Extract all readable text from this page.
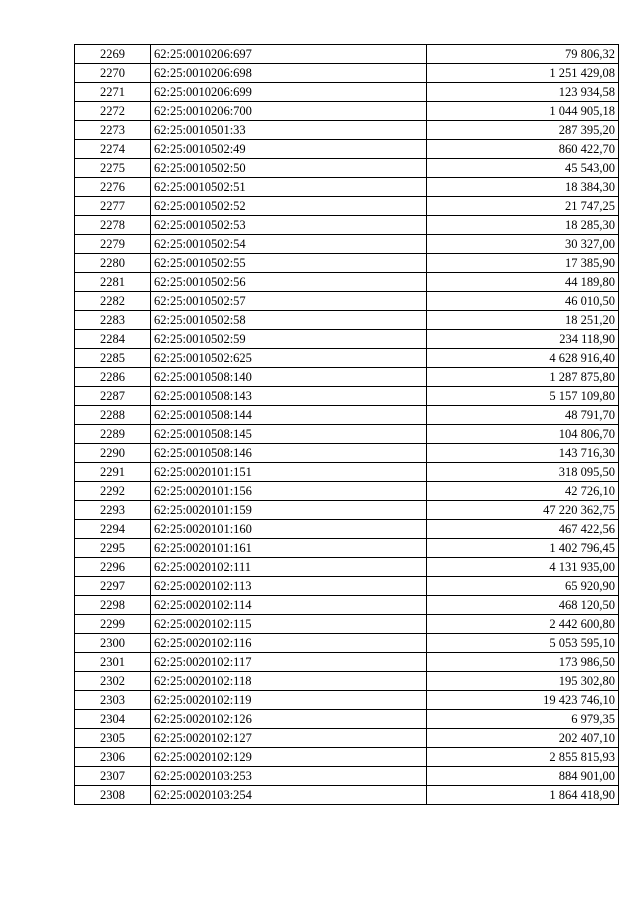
2269	62:25:0010206:697	79 806,32
2270	62:25:0010206:698	1 251 429,08
2271	62:25:0010206:699	123 934,58
2272	62:25:0010206:700	1 044 905,18
2273	62:25:0010501:33	287 395,20
2274	62:25:0010502:49	860 422,70
2275	62:25:0010502:50	45 543,00
2276	62:25:0010502:51	18 384,30
2277	62:25:0010502:52	21 747,25
2278	62:25:0010502:53	18 285,30
2279	62:25:0010502:54	30 327,00
2280	62:25:0010502:55	17 385,90
2281	62:25:0010502:56	44 189,80
2282	62:25:0010502:57	46 010,50
2283	62:25:0010502:58	18 251,20
2284	62:25:0010502:59	234 118,90
2285	62:25:0010502:625	4 628 916,40
2286	62:25:0010508:140	1 287 875,80
2287	62:25:0010508:143	5 157 109,80
2288	62:25:0010508:144	48 791,70
2289	62:25:0010508:145	104 806,70
2290	62:25:0010508:146	143 716,30
2291	62:25:0020101:151	318 095,50
2292	62:25:0020101:156	42 726,10
2293	62:25:0020101:159	47 220 362,75
2294	62:25:0020101:160	467 422,56
2295	62:25:0020101:161	1 402 796,45
2296	62:25:0020102:111	4 131 935,00
2297	62:25:0020102:113	65 920,90
2298	62:25:0020102:114	468 120,50
2299	62:25:0020102:115	2 442 600,80
2300	62:25:0020102:116	5 053 595,10
2301	62:25:0020102:117	173 986,50
2302	62:25:0020102:118	195 302,80
2303	62:25:0020102:119	19 423 746,10
2304	62:25:0020102:126	6 979,35
2305	62:25:0020102:127	202 407,10
2306	62:25:0020102:129	2 855 815,93
2307	62:25:0020103:253	884 901,00
2308	62:25:0020103:254	1 864 418,90
